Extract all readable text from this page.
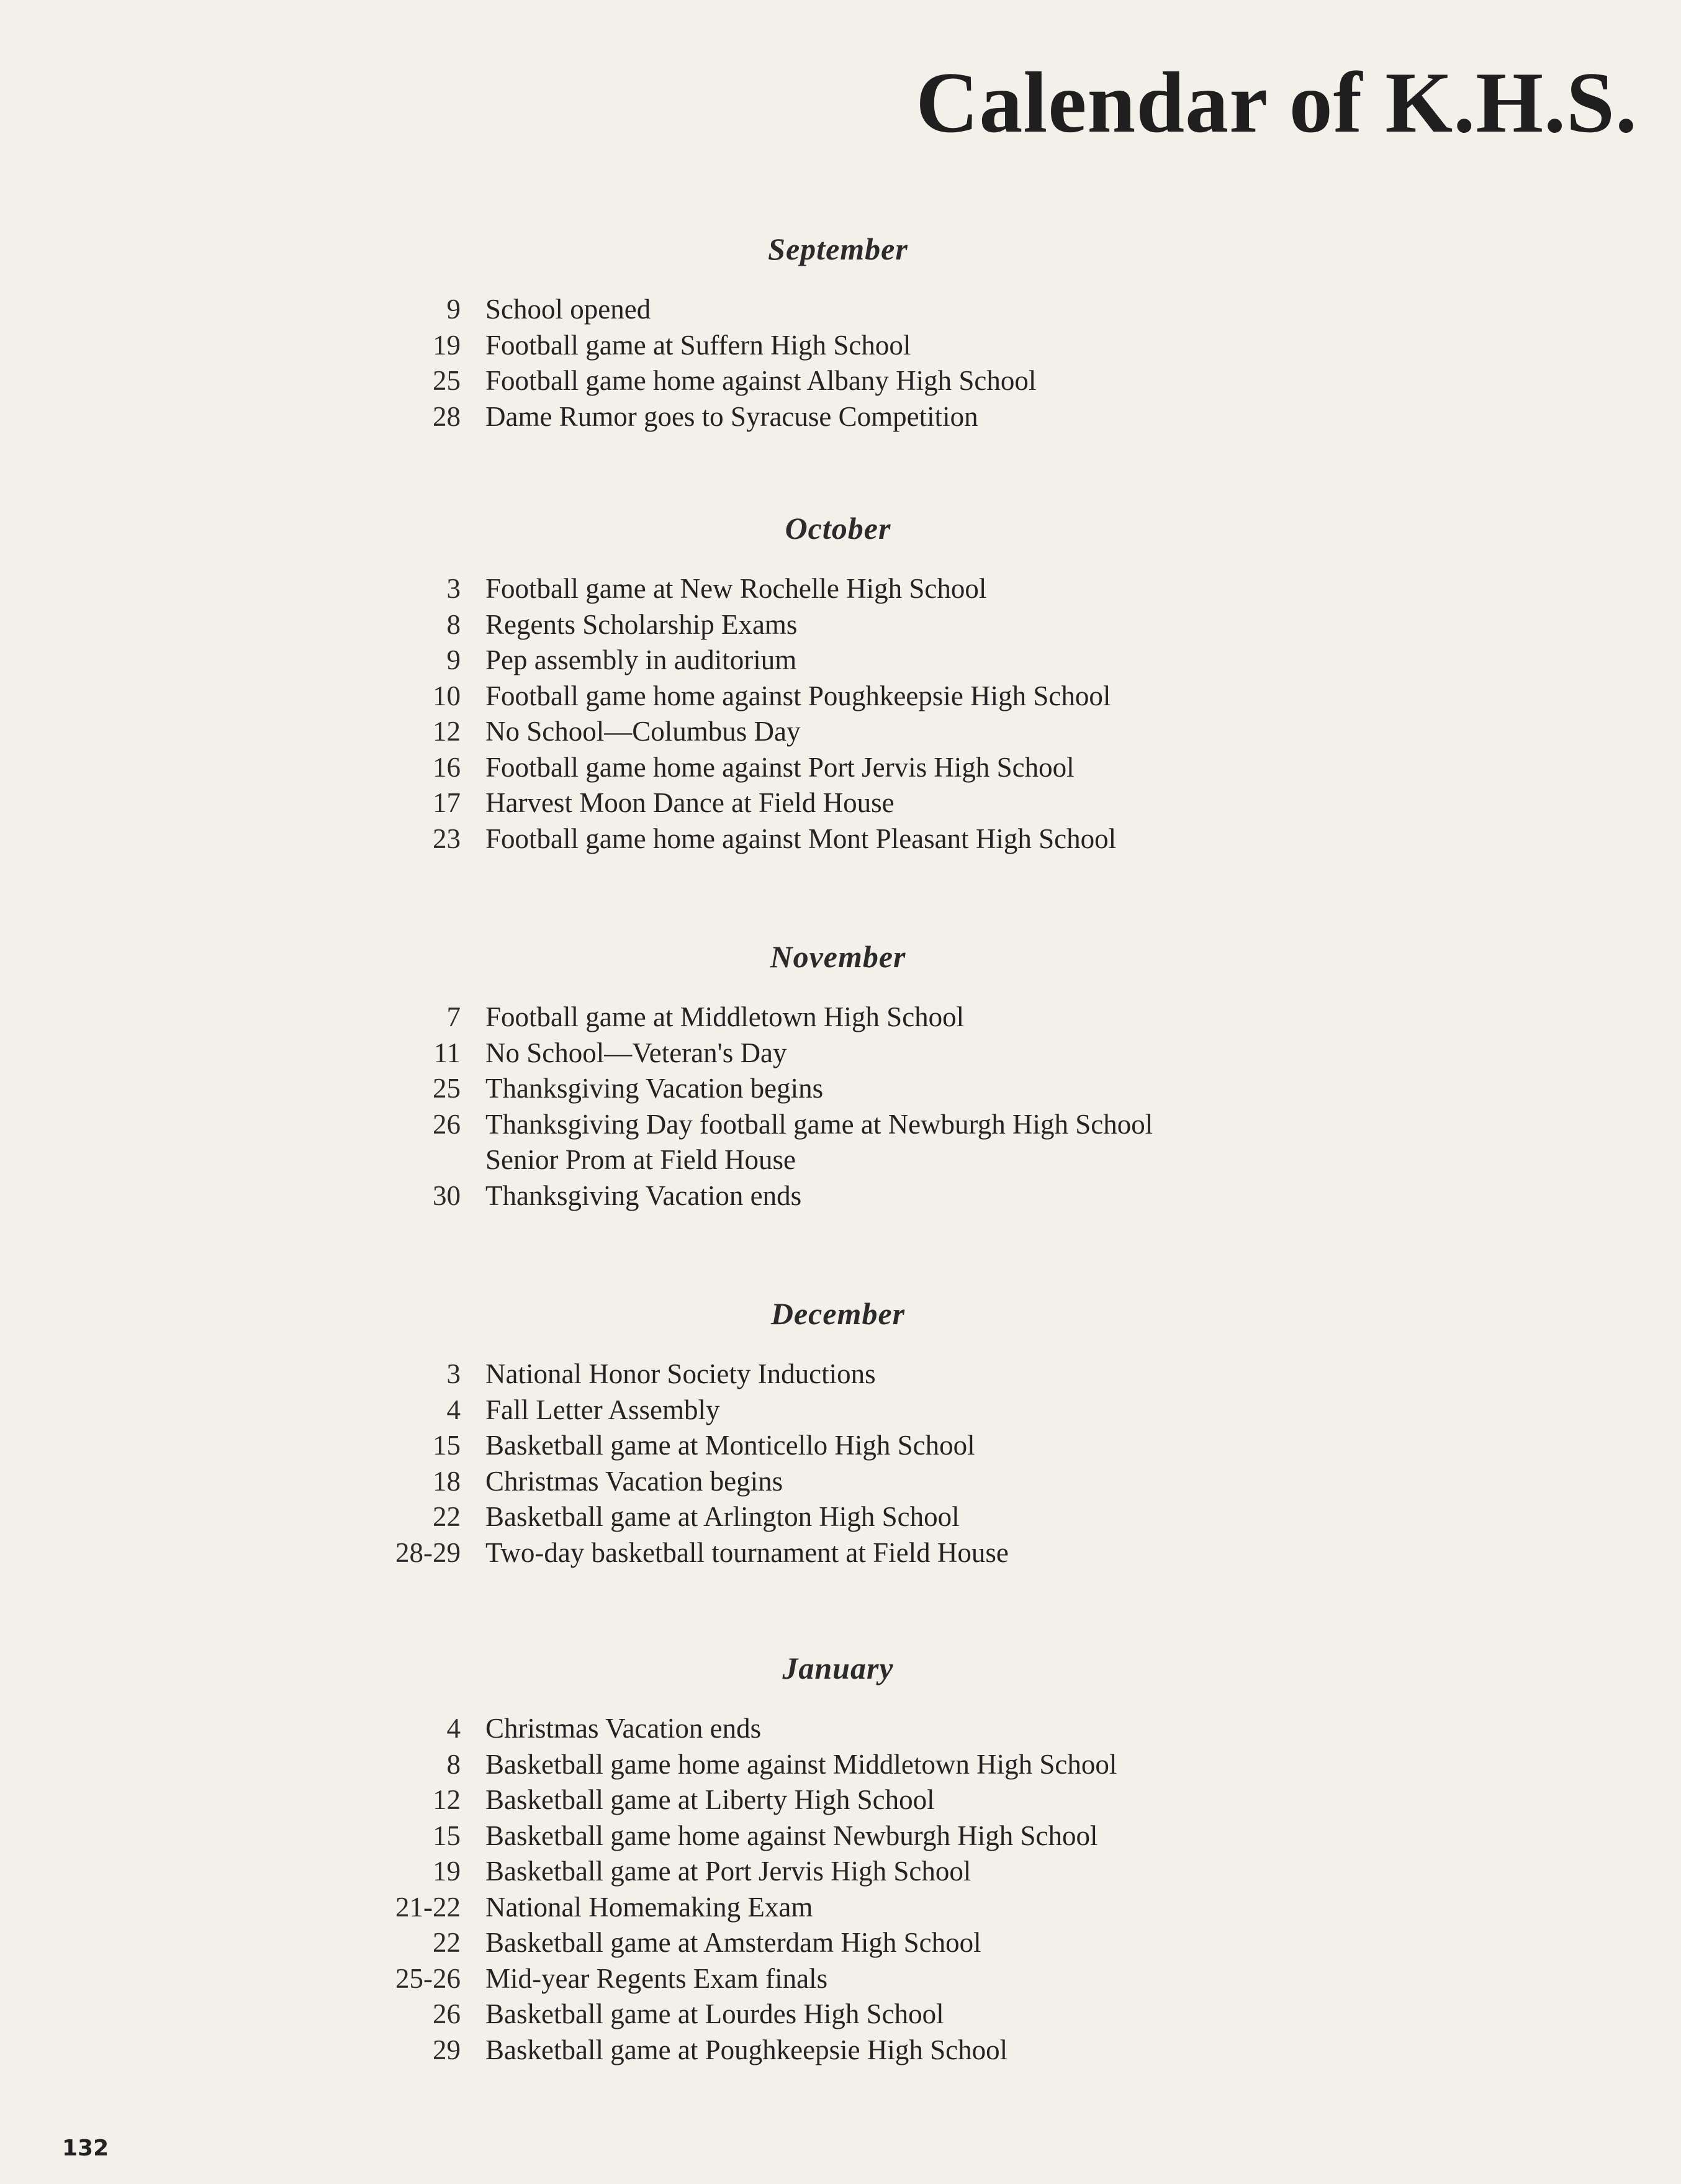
Calendar of K.H.S.
September
9 School opened
19 Football game at Suffern High School
25 Football game home against Albany High School
28 Dame Rumor goes to Syracuse Competition
October
3 Football game at New Rochelle High School
8 Regents Scholarship Exams
9 Pep assembly in auditorium
10 Football game home against Poughkeepsie High School
12 No School—Columbus Day
16 Football game home against Port Jervis High School
17 Harvest Moon Dance at Field House
23 Football game home against Mont Pleasant High School
November
7 Football game at Middletown High School
11 No School—Veteran's Day
25 Thanksgiving Vacation begins
26 Thanksgiving Day football game at Newburgh High School
Senior Prom at Field House
30 Thanksgiving Vacation ends
December
3 National Honor Society Inductions
4 Fall Letter Assembly
15 Basketball game at Monticello High School
18 Christmas Vacation begins
22 Basketball game at Arlington High School
28-29 Two-day basketball tournament at Field House
January
4 Christmas Vacation ends
8 Basketball game home against Middletown High School
12 Basketball game at Liberty High School
15 Basketball game home against Newburgh High School
19 Basketball game at Port Jervis High School
21-22 National Homemaking Exam
22 Basketball game at Amsterdam High School
25-26 Mid-year Regents Exam finals
26 Basketball game at Lourdes High School
29 Basketball game at Poughkeepsie High School
132
